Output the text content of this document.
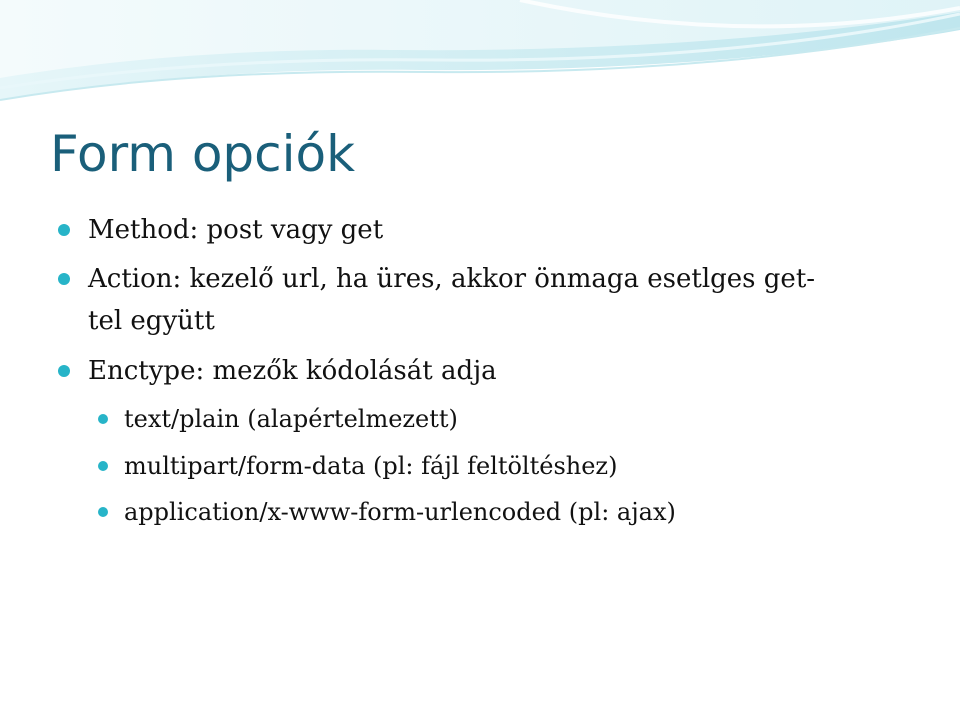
Form opciók
Method: post vagy get
Action: kezelő url, ha üres, akkor önmaga esetlges get-
tel együtt
Enctype: mezők kódolását adja
text/plain (alapértelmezett)
multipart/form-data (pl: fájl feltöltéshez)
application/x-www-form-urlencoded (pl: ajax)
